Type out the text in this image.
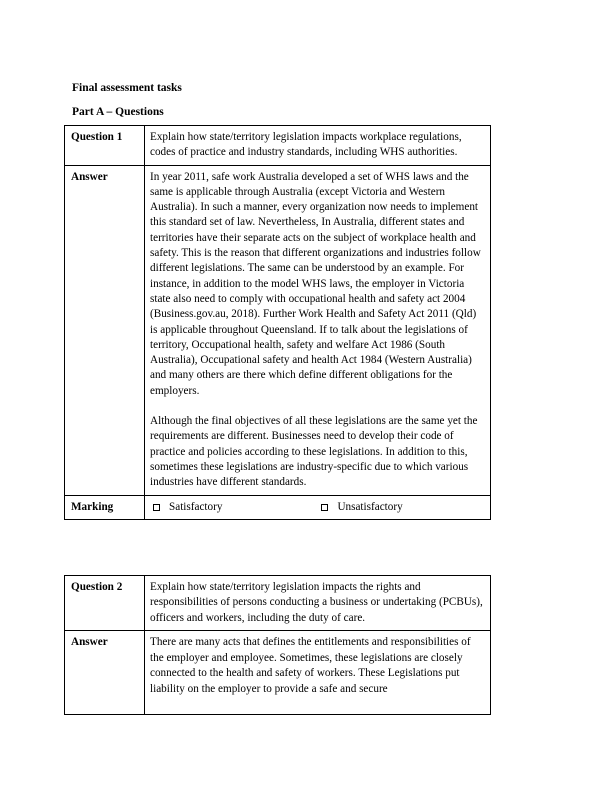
Final assessment tasks
Part A – Questions
Question 1	Explain how state/territory legislation impacts workplace regulations, codes of practice and industry standards, including WHS authorities.
Answer	In year 2011, safe work Australia developed a set of WHS laws and the same is applicable through Australia (except Victoria and Western Australia). In such a manner, every organization now needs to implement this standard set of law. Nevertheless, In Australia, different states and territories have their separate acts on the subject of workplace health and safety. This is the reason that different organizations and industries follow different legislations. The same can be understood by an example. For instance, in addition to the model WHS laws, the employer in Victoria state also need to comply with occupational health and safety act 2004 (Business.gov.au, 2018). Further Work Health and Safety Act 2011 (Qld) is applicable throughout Queensland. If to talk about the legislations of territory, Occupational health, safety and welfare Act 1986 (South Australia), Occupational safety and health Act 1984 (Western Australia) and many others are there which define different obligations for the employers.

Although the final objectives of all these legislations are the same yet the requirements are different. Businesses need to develop their code of practice and policies according to these legislations. In addition to this, sometimes these legislations are industry-specific due to which various industries have different standards.

Marking	Satisfactory Unsatisfactory
Question 2	Explain how state/territory legislation impacts the rights and responsibilities of persons conducting a business or undertaking (PCBUs), officers and workers, including the duty of care.
Answer	There are many acts that defines the entitlements and responsibilities of the employer and employee. Sometimes, these legislations are closely connected to the health and safety of workers. These Legislations put liability on the employer to provide a safe and secure
